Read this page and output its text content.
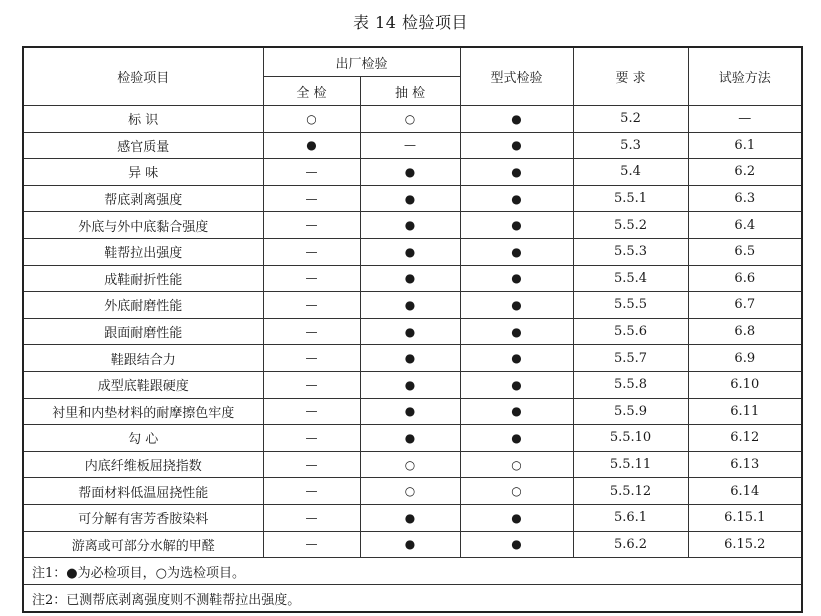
表 14 检验项目
检验项目	出厂检验		型式检验	要 求	试验方法
	全 检	抽 检			
标 识	○	○	●	5.2	—
感官质量	●	—	●	5.3	6.1
异 味	—	●	●	5.4	6.2
帮底剥离强度	—	●	●	5.5.1	6.3
外底与外中底黏合强度	—	●	●	5.5.2	6.4
鞋帮拉出强度	—	●	●	5.5.3	6.5
成鞋耐折性能	—	●	●	5.5.4	6.6
外底耐磨性能	—	●	●	5.5.5	6.7
跟面耐磨性能	—	●	●	5.5.6	6.8
鞋跟结合力	—	●	●	5.5.7	6.9
成型底鞋跟硬度	—	●	●	5.5.8	6.10
衬里和内垫材料的耐摩擦色牢度	—	●	●	5.5.9	6.11
勾 心	—	●	●	5.5.10	6.12
内底纤维板屈挠指数	—	○	○	5.5.11	6.13
帮面材料低温屈挠性能	—	○	○	5.5.12	6.14
可分解有害芳香胺染料	—	●	●	5.6.1	6.15.1
游离或可部分水解的甲醛	—	●	●	5.6.2	6.15.2
注1：●为必检项目，○为选检项目。					
注2：已测帮底剥离强度则不测鞋帮拉出强度。					
